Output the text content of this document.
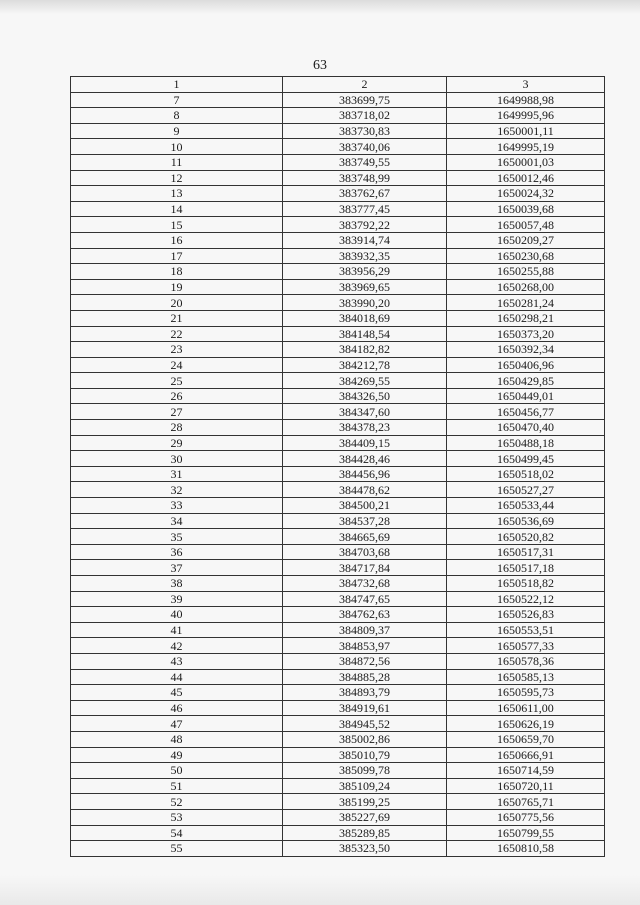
63
1	2	3
7	383699,75	1649988,98
8	383718,02	1649995,96
9	383730,83	1650001,11
10	383740,06	1649995,19
11	383749,55	1650001,03
12	383748,99	1650012,46
13	383762,67	1650024,32
14	383777,45	1650039,68
15	383792,22	1650057,48
16	383914,74	1650209,27
17	383932,35	1650230,68
18	383956,29	1650255,88
19	383969,65	1650268,00
20	383990,20	1650281,24
21	384018,69	1650298,21
22	384148,54	1650373,20
23	384182,82	1650392,34
24	384212,78	1650406,96
25	384269,55	1650429,85
26	384326,50	1650449,01
27	384347,60	1650456,77
28	384378,23	1650470,40
29	384409,15	1650488,18
30	384428,46	1650499,45
31	384456,96	1650518,02
32	384478,62	1650527,27
33	384500,21	1650533,44
34	384537,28	1650536,69
35	384665,69	1650520,82
36	384703,68	1650517,31
37	384717,84	1650517,18
38	384732,68	1650518,82
39	384747,65	1650522,12
40	384762,63	1650526,83
41	384809,37	1650553,51
42	384853,97	1650577,33
43	384872,56	1650578,36
44	384885,28	1650585,13
45	384893,79	1650595,73
46	384919,61	1650611,00
47	384945,52	1650626,19
48	385002,86	1650659,70
49	385010,79	1650666,91
50	385099,78	1650714,59
51	385109,24	1650720,11
52	385199,25	1650765,71
53	385227,69	1650775,56
54	385289,85	1650799,55
55	385323,50	1650810,58
